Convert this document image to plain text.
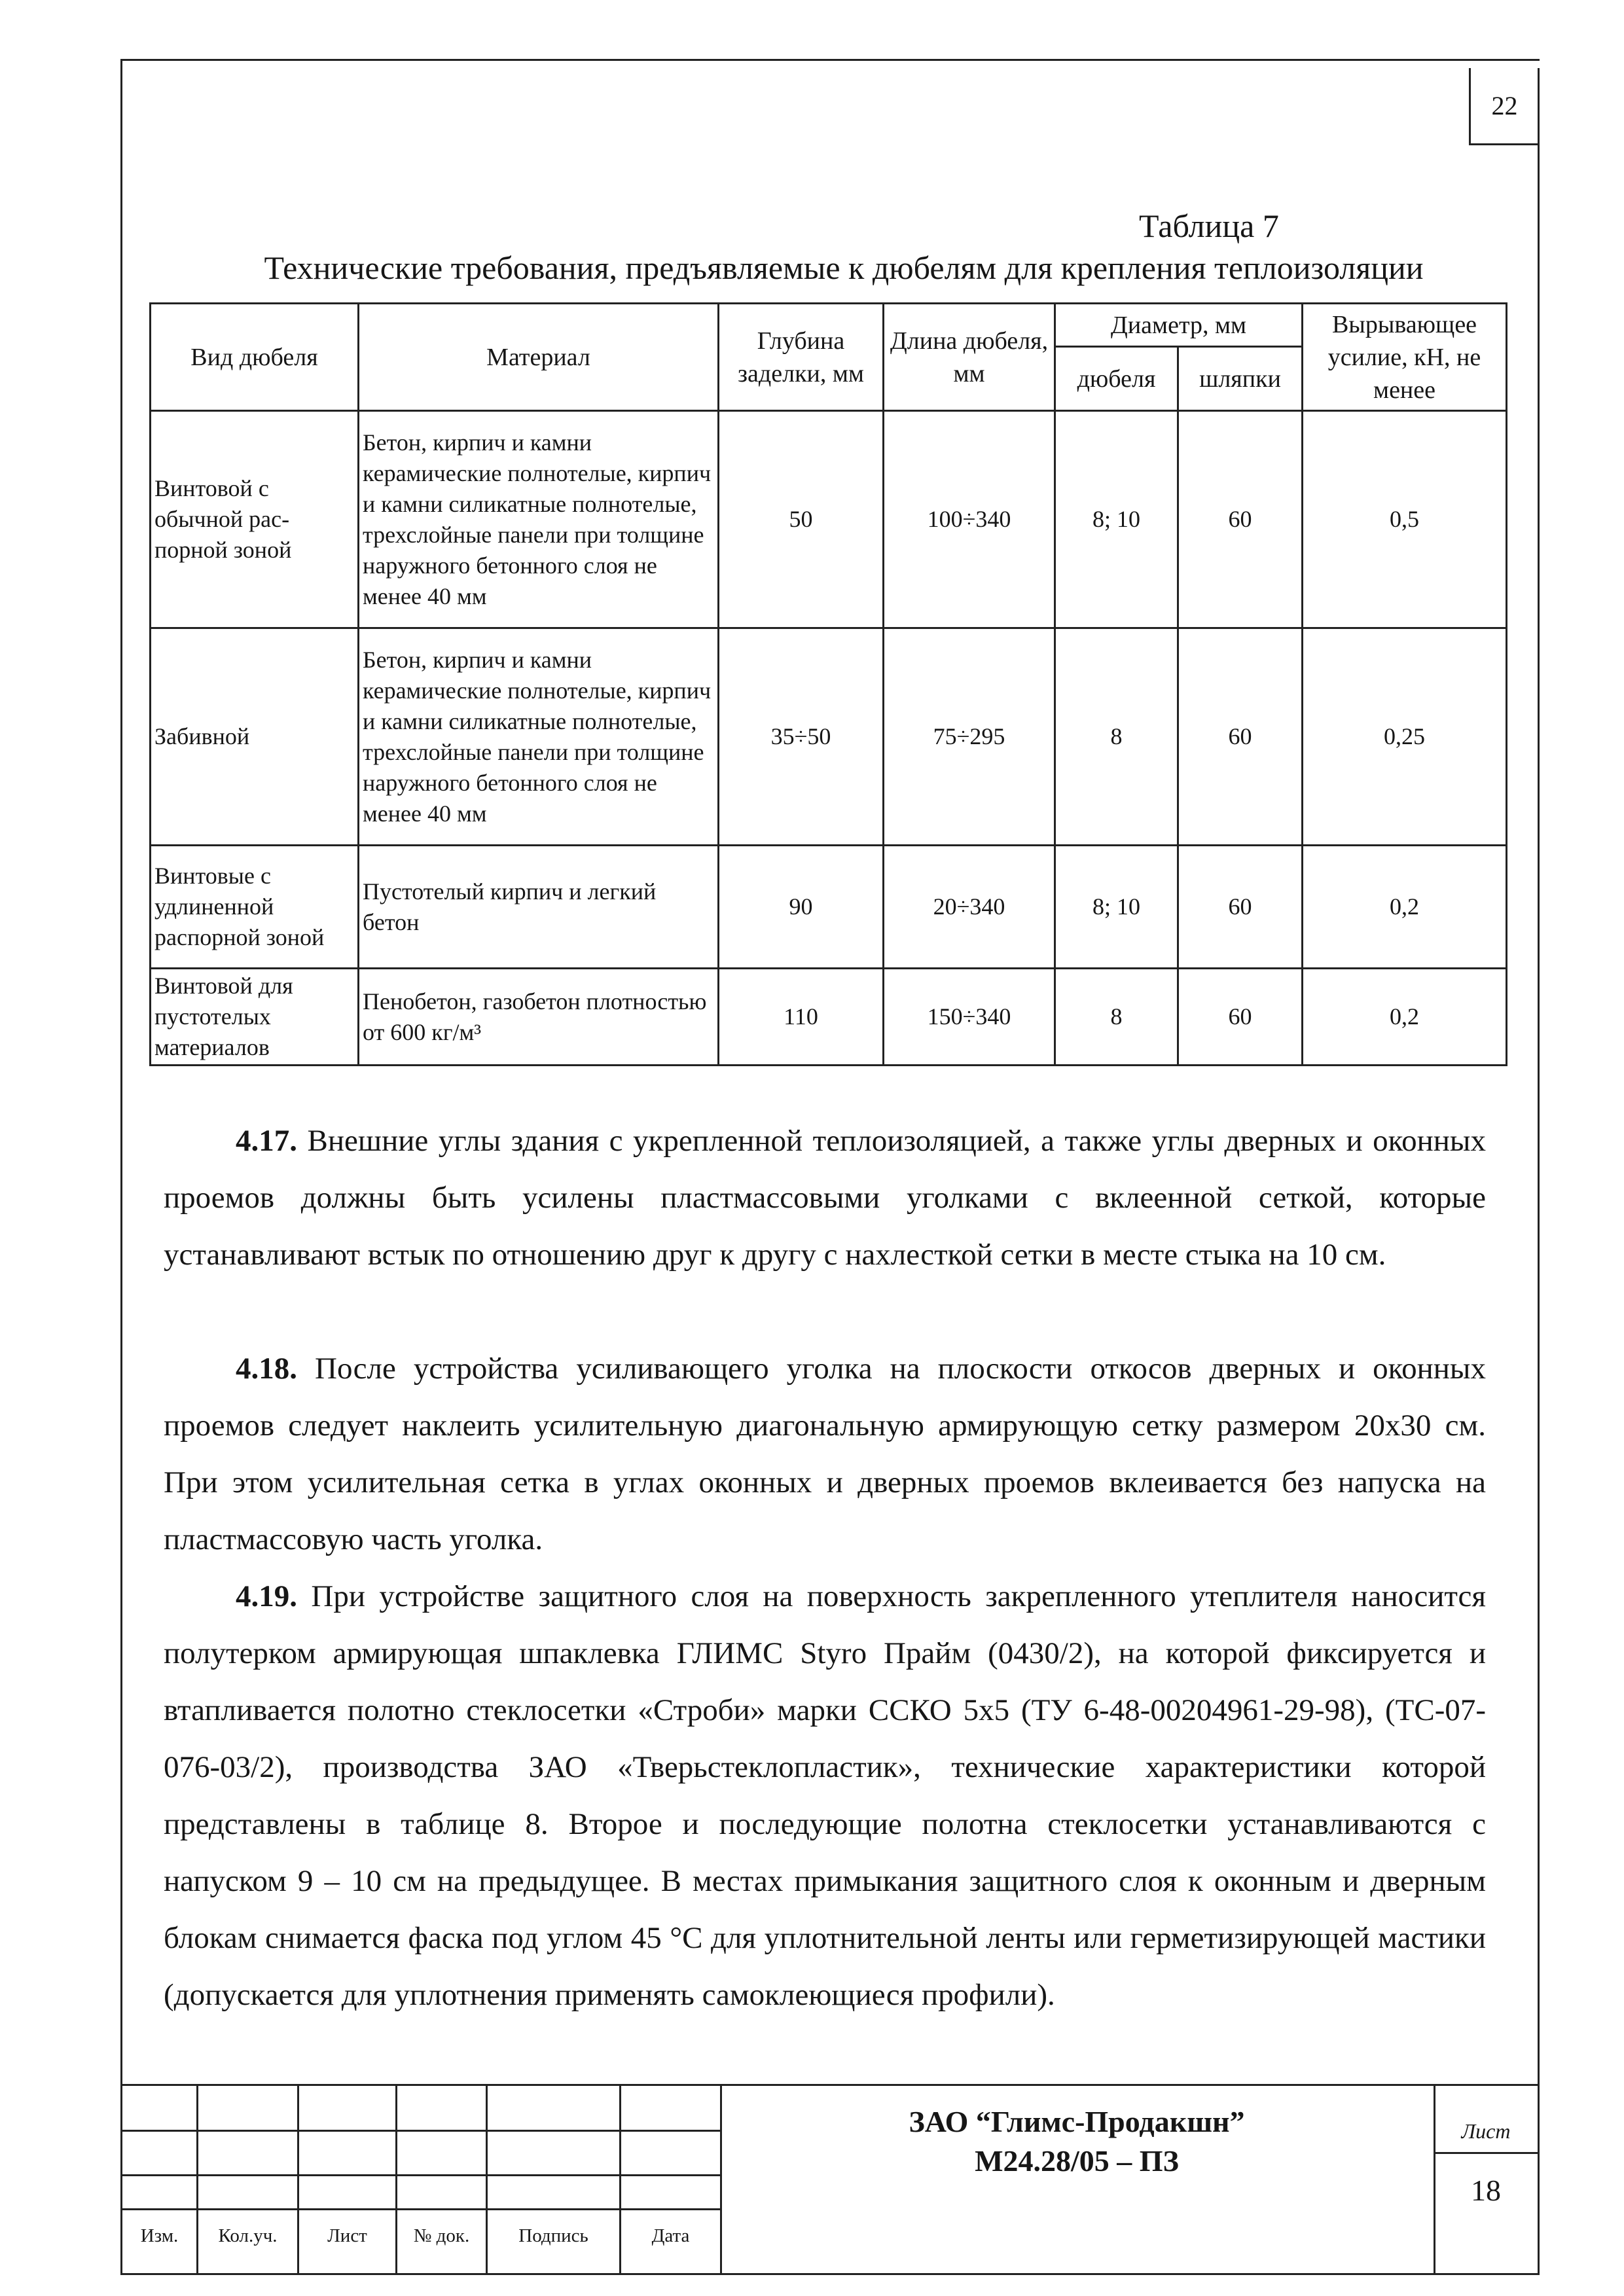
22
Таблица 7
Технические требования, предъявляемые к дюбелям для крепления теплоизоляции
Вид дюбеля	Материал	Глубина заделки, мм	Длина дюбеля, мм	Диаметр, мм		Вырывающее усилие, кН, не менее
				дюбеля	шляпки	
Винтовой с обычной рас-порной зоной	Бетон, кирпич и камни керамические полнотелые, кирпич и камни силикатные полнотелые, трехслойные панели при толщине наружного бетонного слоя не менее 40 мм	50	100÷340	8; 10	60	0,5
Забивной	Бетон, кирпич и камни керамические полнотелые, кирпич и камни силикатные полнотелые, трехслойные панели при толщине наружного бетонного слоя не менее 40 мм	35÷50	75÷295	8	60	0,25
Винтовые с удлиненной распорной зоной	Пустотелый кирпич и легкий бетон	90	20÷340	8; 10	60	0,2
Винтовой для пустотелых материалов	Пенобетон, газобетон плотностью от 600 кг/м³	110	150÷340	8	60	0,2

4.17. Внешние углы здания с укрепленной теплоизоляцией, а также углы дверных и оконных проемов должны быть усилены пластмассовыми уголками с вклеенной сеткой, которые устанавливают встык по отношению друг к другу с нахлесткой сетки в месте стыка на 10 см.

4.18. После устройства усиливающего уголка на плоскости откосов дверных и оконных проемов следует наклеить усилительную диагональную армирующую сетку размером 20х30 см. При этом усилительная сетка в углах оконных и дверных проемов вклеивается без напуска на пластмассовую часть уголка.

4.19. При устройстве защитного слоя на поверхность закрепленного утеплителя наносится полутерком армирующая шпаклевка ГЛИМС Styro Прайм (0430/2), на которой фиксируется и втапливается полотно стеклосетки «Строби» марки ССКО 5х5 (ТУ 6-48-00204961-29-98), (ТС-07-076-03/2), производства ЗАО «Тверьстеклопластик», технические характеристики которой представлены в таблице 8. Второе и последующие полотна стеклосетки устанавливаются с напуском 9 – 10 см на предыдущее. В местах примыкания защитного слоя к оконным и дверным блокам снимается фаска под углом 45 °С для уплотнительной ленты или герметизирующей мастики (допускается для уплотнения применять самоклеющиеся профили).

Изм.	Кол.уч.	Лист	№ док.	Подпись	Дата
ЗАО “Глимс-Продакшн”
М24.28/05 – ПЗ
Лист
18
